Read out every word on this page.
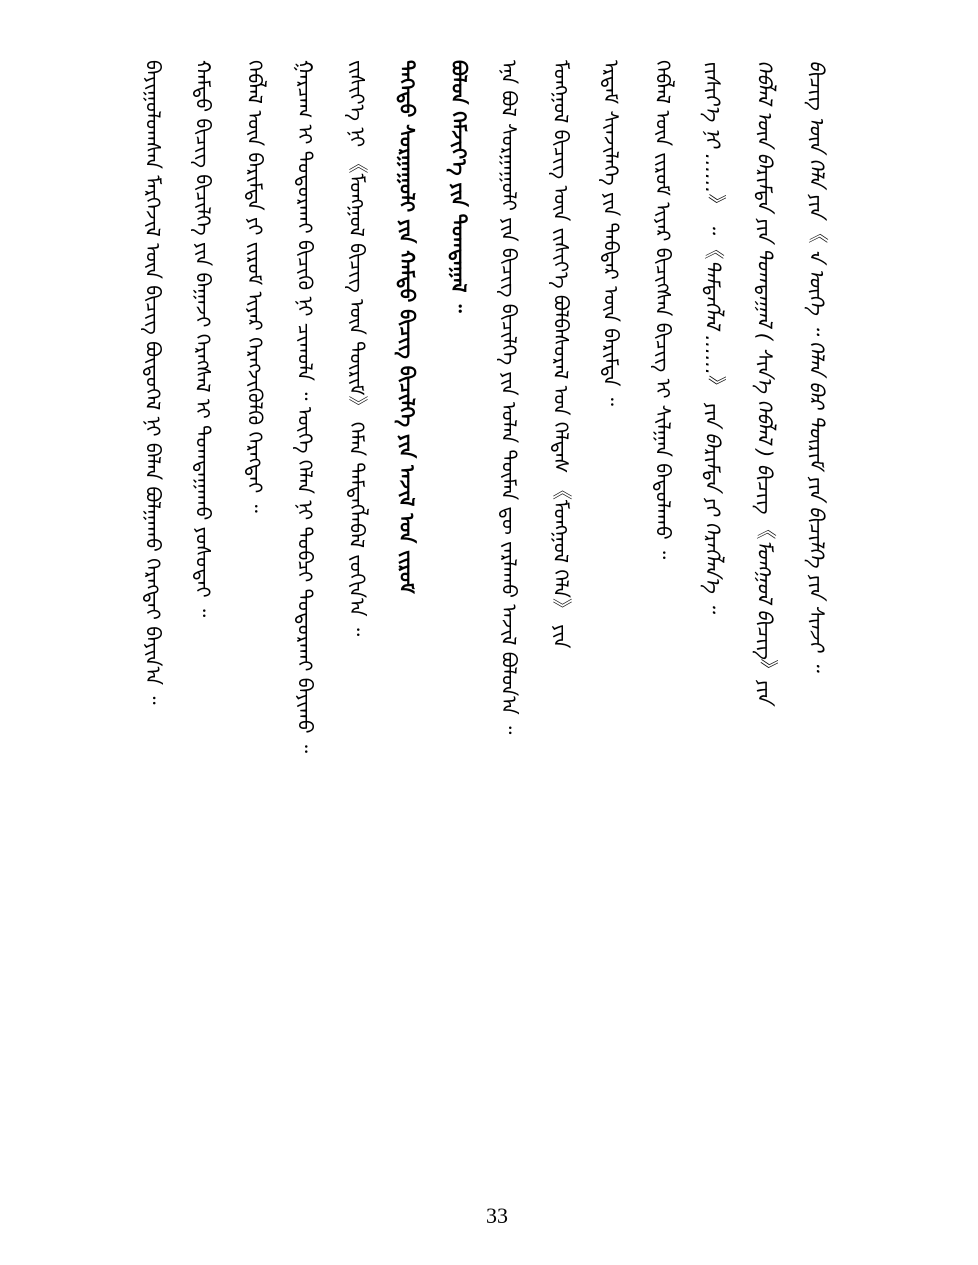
ᠪᠠᠶᠢᠭᠤᠯᠤᠭᠰᠠᠨ ᠮᠡᠷᠭᠡᠵᠢᠯ ᠦᠨ ᠪᠢᠴᠢᠭ ᠪᠦᠲᠦᠭᠡᠯ ᠨᠢ ᠪᠡᠯᠡᠨ ᠪᠣᠯᠭᠠᠬᠤ ᠬᠡᠷᠡᠭᠲᠡᠢ ᠪᠠᠶᠢᠨ᠎ᠠ ᠃ ᠬᠠᠮᠲᠤ ᠪᠢᠴᠢᠭ ᠪᠢᠴᠢᠯᠭᠡ ᠶᠢᠨ ᠪᠠᠭᠠᠵᠢ ᠬᠡᠷᠡᠭᠰᠡᠯ ᠢ ᠲᠣᠭᠲᠠᠭᠠᠬᠤ ᠶᠤᠰᠤᠲᠠᠢ ᠃ ᠬᠡᠪᠯᠡᠯ ᠦᠨ ᠪᠠᠷᠢᠮᠲᠠ ᠶᠢ ᠵᠢᠷᠤᠮ ᠢᠶᠠᠷ ᠬᠡᠷᠡᠭᠵᠢᠭᠦᠯᠬᠦ ᠬᠡᠷᠡᠭᠲᠡᠢ ᠃ ᠭᠠᠷᠴᠠᠭ ᠢ ᠲᠣᠳᠣᠷᠬᠠᠢ ᠪᠢᠴᠢᠬᠦ ᠨᠢ ᠴᠢᠬᠤᠯᠠ ᠃ ᠦᠭᠡ ᠬᠡᠯᠡᠨ ᠨᠢ ᠲᠣᠪᠴᠢ ᠲᠣᠳᠣᠷᠬᠠᠢ ᠪᠠᠶᠢᠬᠤ ᠃ ᠵᠢᠱᠢᠶ᠎ᠡ ᠨᠢ 《ᠮᠣᠩᠭᠣᠯ ᠪᠢᠴᠢᠭ ᠦᠨ ᠳᠦᠷᠢᠮ》 ᠬᠡᠮᠡᠨ ᠲᠡᠮᠳᠡᠭᠯᠡᠪᠡᠯ ᠵᠣᠬᠢᠨ᠎ᠠ ᠃ ᠳᠡᠭᠡᠳᠦ ᠰᠤᠷᠭᠠᠭᠤᠯᠢ ᠶᠢᠨ ᠬᠠᠮᠲᠤ ᠪᠢᠴᠢᠭ ᠪᠢᠴᠢᠯᠭᠡ ᠶᠢᠨ ᠠᠵᠢᠯ ᠤᠨ ᠵᠢᠷᠤᠮ ᠪᠤᠯᠤᠨ ᠬᠡᠮᠵᠢᠶ᠎ᠡ ᠶᠢᠨ ᠲᠣᠭᠲᠠᠭᠠᠯ ᠃ ᠡᠨᠡ ᠪᠣᠯ ᠰᠤᠷᠭᠠᠭᠤᠯᠢ ᠶᠢᠨ ᠪᠢᠴᠢᠭ ᠪᠢᠴᠢᠯᠭᠡ ᠶᠢᠨ ᠣᠯᠠᠨ ᠲᠦᠮᠡᠨ ᠳᠦ ᠵᠠᠷᠯᠠᠬᠤ ᠠᠵᠢᠯ ᠪᠣᠯᠤᠨ᠎ᠠ ᠃ ᠮᠣᠩᠭᠣᠯ ᠪᠢᠴᠢᠭ ᠦᠨ ᠵᠢᠱᠢᠶ᠎ᠡ ᠪᠣᠯᠪᠠᠰᠤᠷᠠᠯ ᠤᠨ ᠬᠡᠯᠲᠡᠰ 《ᠮᠣᠩᠭᠣᠯ ᠬᠡᠯᠡ》 ᠶᠢᠨ ᠡᠷᠳᠡᠮ ᠰᠢᠨᠵᠢᠯᠡᠭᠡ ᠶᠢᠨ ᠳᠡᠪᠲᠡᠷ ᠦᠨ ᠪᠠᠷᠢᠮᠲᠠ ᠃ ᠬᠡᠪᠯᠡᠯ ᠦᠨ ᠵᠢᠷᠤᠮ ᠢᠶᠠᠷ ᠪᠢᠴᠢᠭᠰᠡᠨ ᠪᠢᠴᠢᠭ ᠢ ᠰᠢᠯᠭᠠᠨ ᠪᠠᠲᠤᠯᠠᠬᠤ ᠃ ᠵᠢᠱᠢᠶ᠎ᠡ ᠨᠢ ……》 ᠃ 《ᠲᠡᠮᠳᠡᠭᠯᠡᠯ ……》 ᠶᠢᠨ ᠪᠠᠷᠢᠮᠲᠠ ᠶᠢ ᠬᠡᠷᠡᠭᠯᠡᠨ᠎ᠡ ᠃ ᠬᠡᠪᠯᠡᠯ ᠦᠨ ᠪᠠᠷᠢᠮᠲᠠ ᠶᠢᠨ ᠲᠣᠭᠲᠠᠭᠠᠯ ( ᠰᠢᠨ᠎ᠡ ᠬᠡᠪᠯᠡᠯ ) ᠪᠢᠴᠢᠭ 《ᠮᠣᠩᠭᠣᠯ ᠪᠢᠴᠢᠭ》ᠶᠢᠨ ᠪᠢᠴᠢᠭ ᠦᠨ ᠬᠡᠯᠡ ᠶᠢᠨ 《 ᠊ᠠ ᠦᠭᠡ ᠃ ᠬᠡᠯᠡᠨ ᠪᠠᠷ ᠳᠦᠷᠢᠮ ᠶᠢᠨ ᠪᠢᠴᠢᠯᠭᠡ ᠶᠢᠨ ᠰᠢᠨᠵᠢ ᠃
33
